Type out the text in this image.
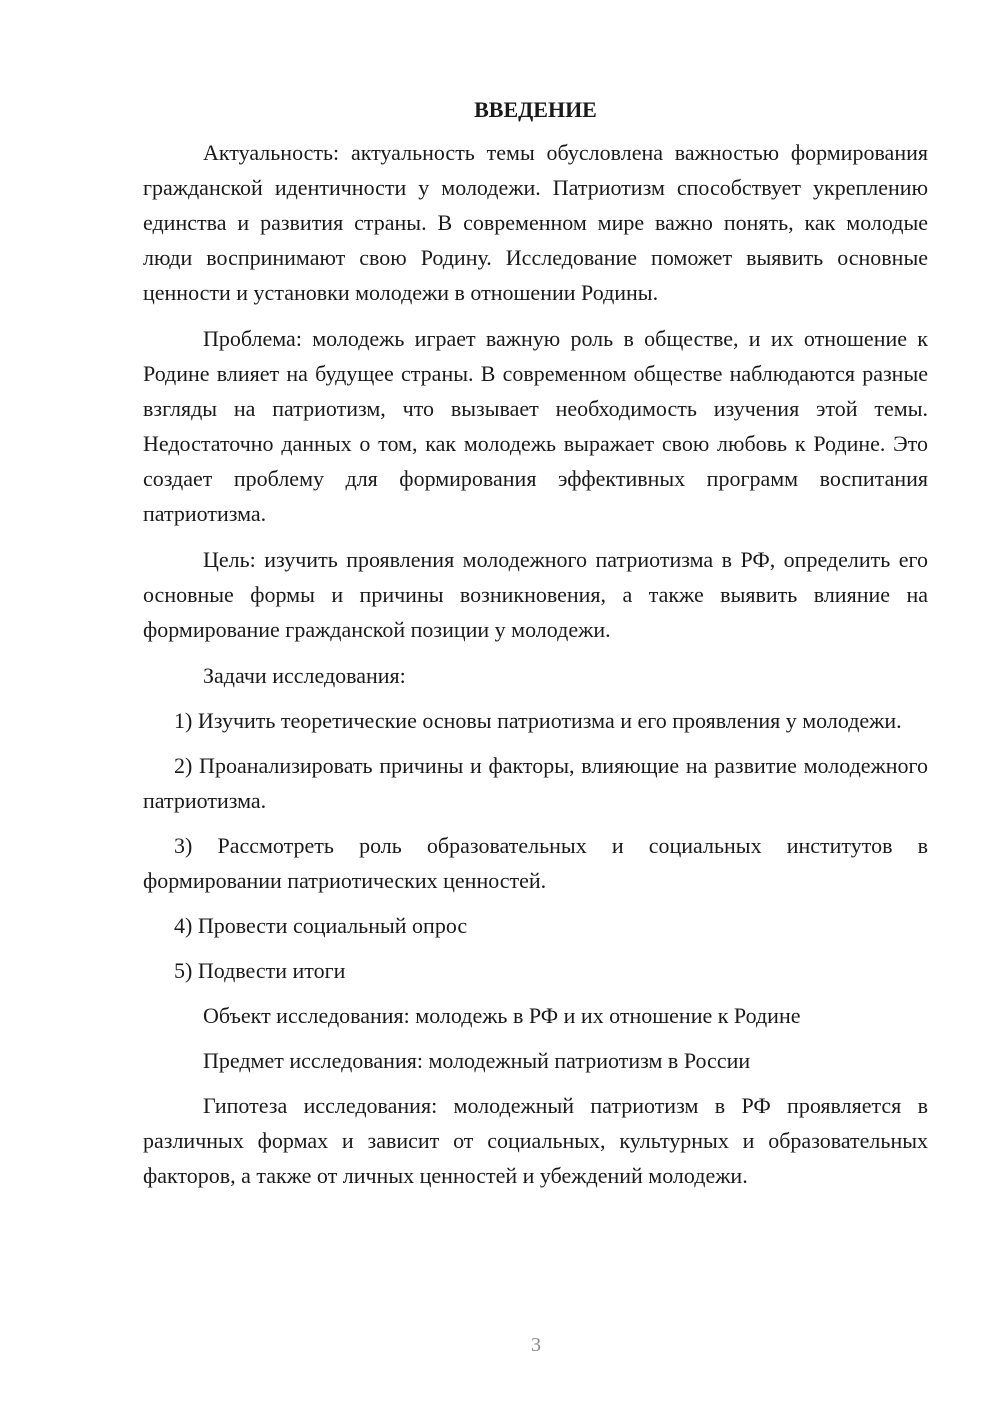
ВВЕДЕНИЕ

Актуальность: актуальность темы обусловлена важностью формирования гражданской идентичности у молодежи. Патриотизм способствует укреплению единства и развития страны. В современном мире важно понять, как молодые люди воспринимают свою Родину. Исследование поможет выявить основные ценности и установки молодежи в отношении Родины.

Проблема: молодежь играет важную роль в обществе, и их отношение к Родине влияет на будущее страны. В современном обществе наблюдаются разные взгляды на патриотизм, что вызывает необходимость изучения этой темы. Недостаточно данных о том, как молодежь выражает свою любовь к Родине. Это создает проблему для формирования эффективных программ воспитания патриотизма.

Цель: изучить проявления молодежного патриотизма в РФ, определить его основные формы и причины возникновения, а также выявить влияние на формирование гражданской позиции у молодежи.

Задачи исследования:

1) Изучить теоретические основы патриотизма и его проявления у молодежи.

2) Проанализировать причины и факторы, влияющие на развитие молодежного патриотизма.

3) Рассмотреть роль образовательных и социальных институтов в формировании патриотических ценностей.

4) Провести социальный опрос

5) Подвести итоги

Объект исследования: молодежь в РФ и их отношение к Родине

Предмет исследования: молодежный патриотизм в России

Гипотеза исследования: молодежный патриотизм в РФ проявляется в различных формах и зависит от социальных, культурных и образовательных факторов, а также от личных ценностей и убеждений молодежи.

3
